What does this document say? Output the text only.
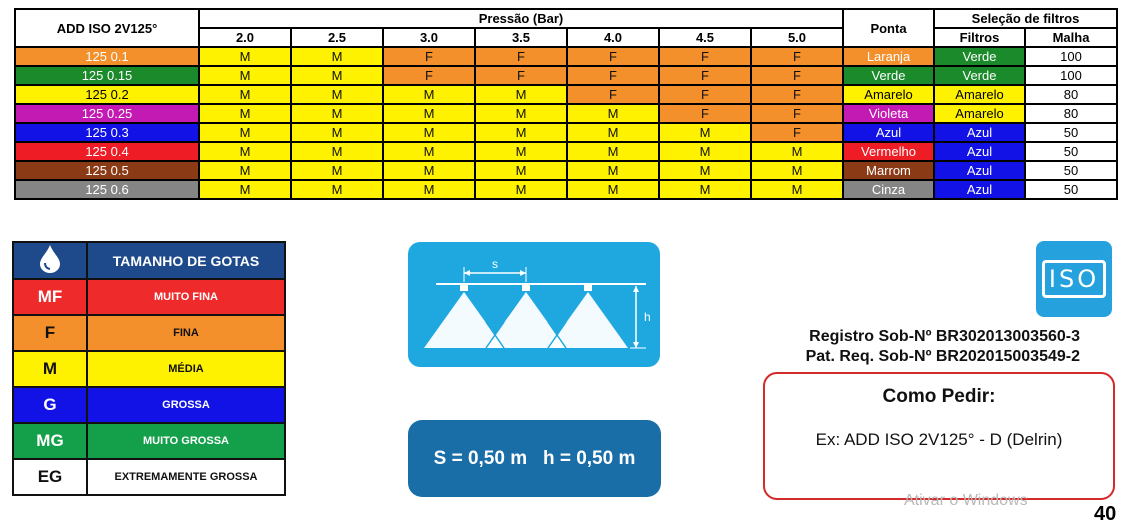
ADD ISO 2V125°	Pressão (Bar)							Ponta	Seleção de filtros	
	2.0	2.5	3.0	3.5	4.0	4.5	5.0		Filtros	Malha
125 0.1	M	M	F	F	F	F	F	Laranja	Verde	100
125 0.15	M	M	F	F	F	F	F	Verde	Verde	100
125 0.2	M	M	M	M	F	F	F	Amarelo	Amarelo	80
125 0.25	M	M	M	M	M	F	F	Violeta	Amarelo	80
125 0.3	M	M	M	M	M	M	F	Azul	Azul	50
125 0.4	M	M	M	M	M	M	M	Vermelho	Azul	50
125 0.5	M	M	M	M	M	M	M	Marrom	Azul	50
125 0.6	M	M	M	M	M	M	M	Cinza	Azul	50
	TAMANHO DE GOTAS
MF	MUITO FINA
F	FINA
M	MÉDIA
G	GROSSA
MG	MUITO GROSSA
EG	EXTREMAMENTE GROSSA
s
h
S = 0,50 m   h = 0,50 m
ISO
Registro Sob-Nº BR302013003560-3
Pat. Req. Sob-Nº BR202015003549-2
Como Pedir:
Ex: ADD ISO 2V125° - D (Delrin)
Ativar o Windows
40
